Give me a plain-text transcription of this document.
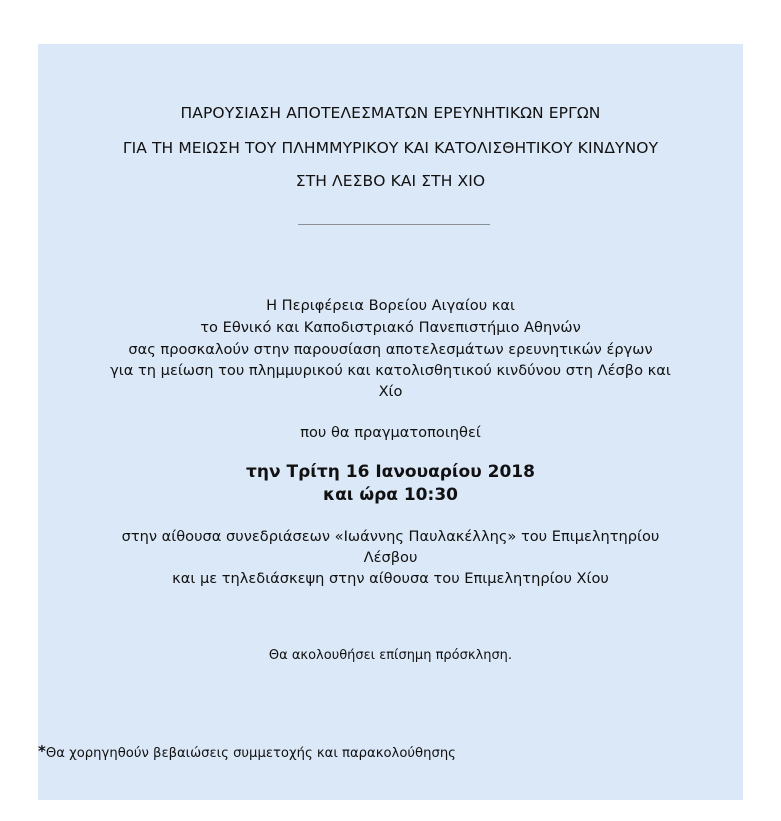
ΠΑΡΟΥΣΙΑΣΗ ΑΠΟΤΕΛΕΣΜΑΤΩΝ ΕΡΕΥΝΗΤΙΚΩΝ ΕΡΓΩΝ
ΓΙΑ ΤΗ ΜΕΙΩΣΗ ΤΟΥ ΠΛΗΜΜΥΡΙΚΟΥ ΚΑΙ ΚΑΤΟΛΙΣΘΗΤΙΚΟΥ ΚΙΝΔΥΝΟΥ
ΣΤΗ ΛΕΣΒΟ ΚΑΙ ΣΤΗ ΧΙΟ
Η Περιφέρεια Βορείου Αιγαίου και
το Εθνικό και Καποδιστριακό Πανεπιστήμιο Αθηνών
σας προσκαλούν στην παρουσίαση αποτελεσμάτων ερευνητικών έργων
για τη μείωση του πλημμυρικού και κατολισθητικού κινδύνου στη Λέσβο και
Χίο
που θα πραγματοποιηθεί
την Τρίτη 16 Ιανουαρίου 2018
και ώρα 10:30
στην αίθουσα συνεδριάσεων «Ιωάννης Παυλακέλλης» του Επιμελητηρίου
Λέσβου
και με τηλεδιάσκεψη στην αίθουσα του Επιμελητηρίου Χίου
Θα ακολουθήσει επίσημη πρόσκληση.
*Θα χορηγηθούν βεβαιώσεις συμμετοχής και παρακολούθησης
